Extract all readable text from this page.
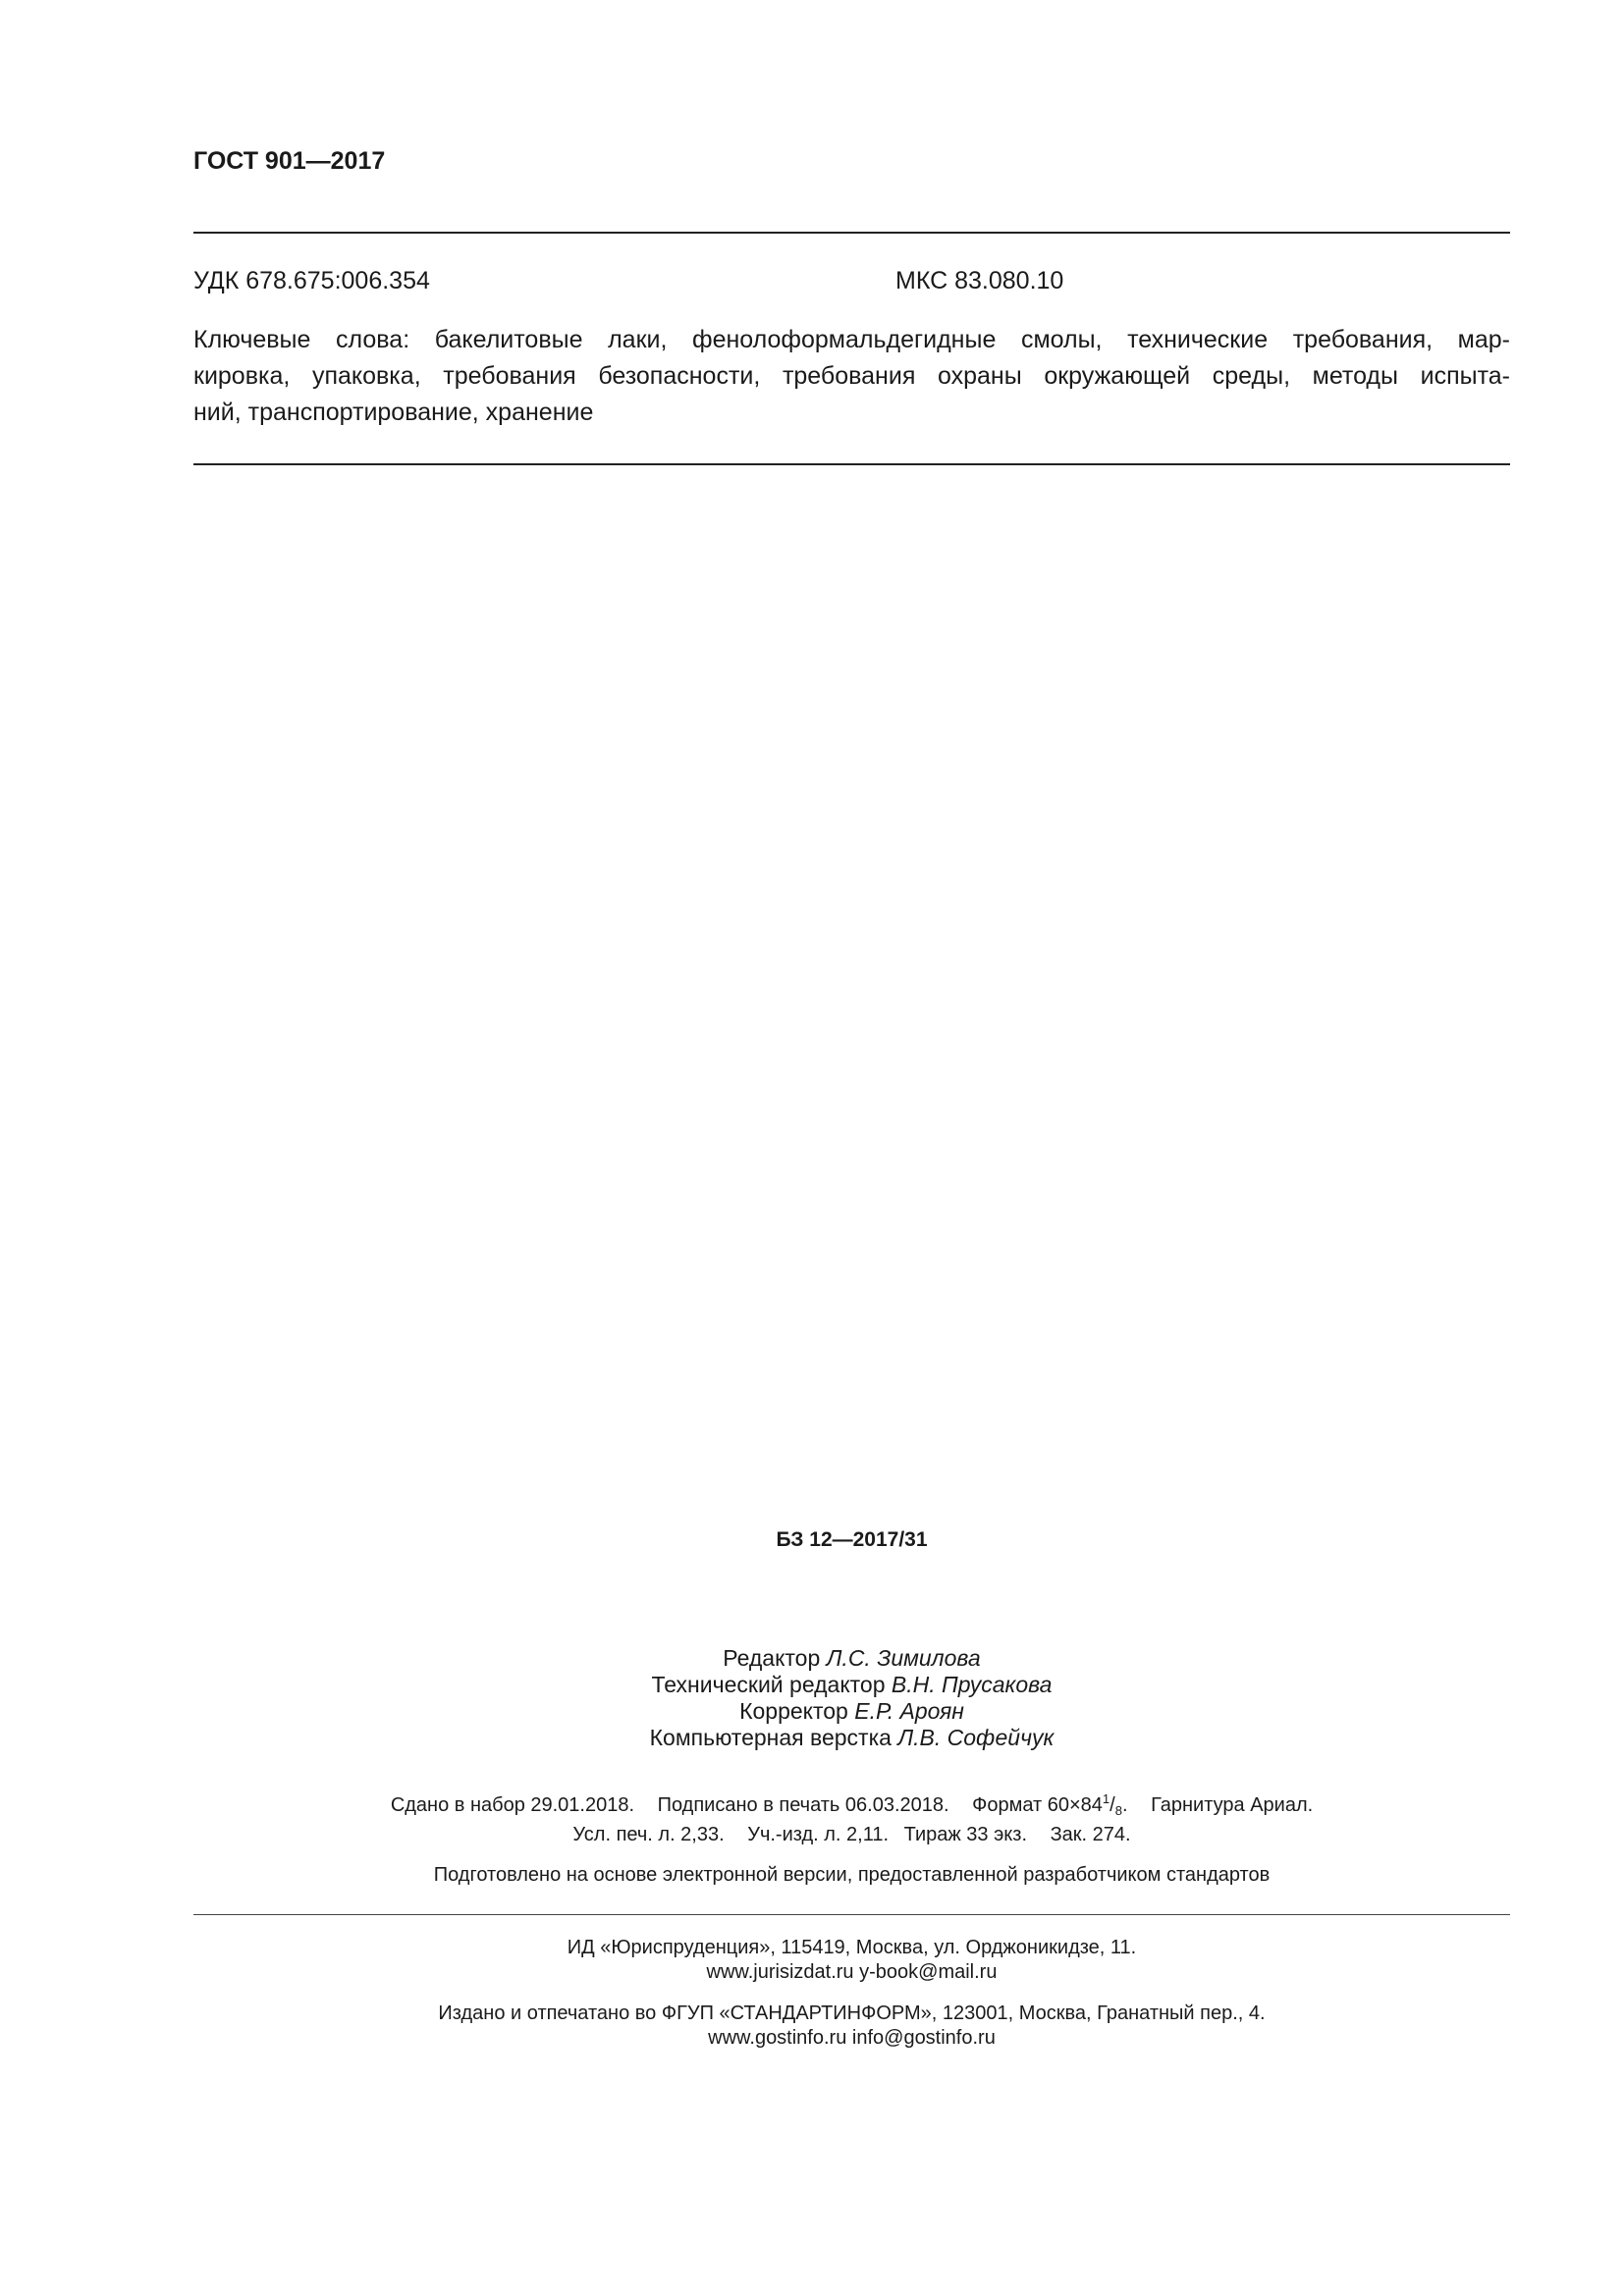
ГОСТ 901—2017
УДК 678.675:006.354	МКС 83.080.10
Ключевые слова: бакелитовые лаки, фенолоформальдегидные смолы, технические требования, мар-
кировка, упаковка, требования безопасности, требования охраны окружающей среды, методы испыта-
ний, транспортирование, хранение
БЗ 12—2017/31
Редактор Л.С. Зимилова
Технический редактор В.Н. Прусакова
Корректор Е.Р. Ароян
Компьютерная верстка Л.В. Софейчук
Сдано в набор 29.01.2018. Подписано в печать 06.03.2018. Формат $60\times 84^1/_8$. Гарнитура Ариал.
Усл. печ. л. 2,33. Уч.-изд. л. 2,11. Тираж 33 экз. Зак. 274.
Подготовлено на основе электронной версии, предоставленной разработчиком стандартов
ИД «Юриспруденция», 115419, Москва, ул. Орджоникидзе, 11.
www.jurisizdat.ru y-book@mail.ru
Издано и отпечатано во ФГУП «СТАНДАРТИНФОРМ», 123001, Москва, Гранатный пер., 4.
www.gostinfo.ru info@gostinfo.ru
